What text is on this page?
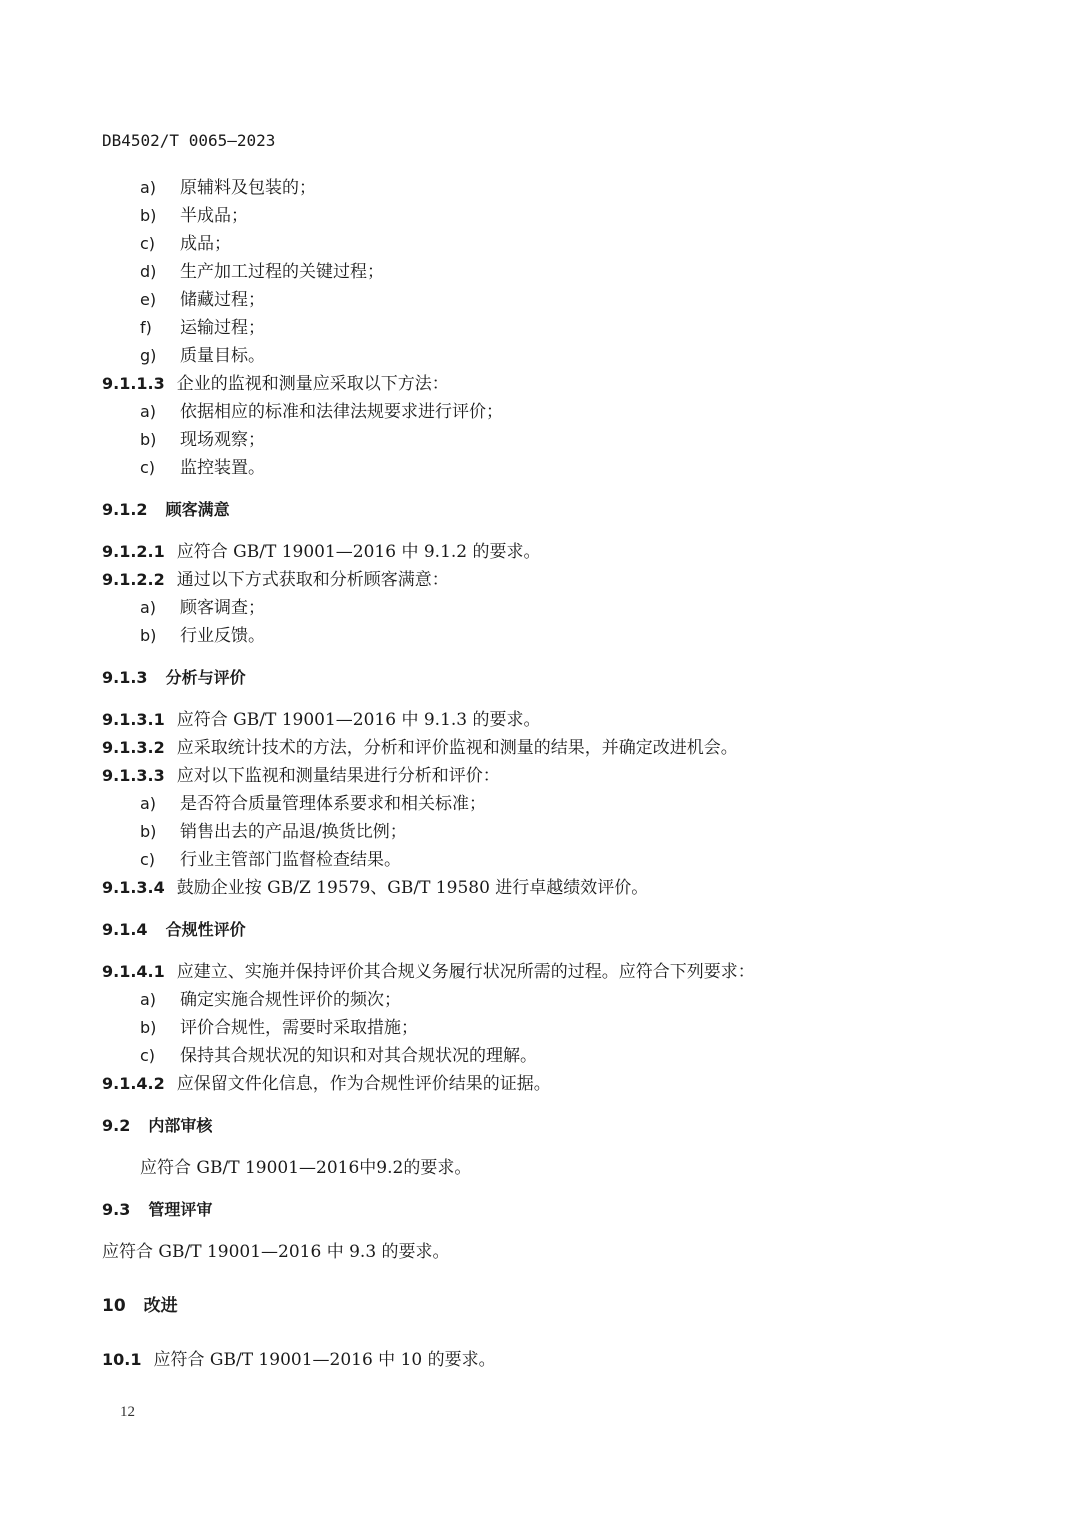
DB4502/T 0065—2023
a) 原辅料及包装的；
b) 半成品；
c) 成品；
d) 生产加工过程的关键过程；
e) 储藏过程；
f) 运输过程；
g) 质量目标。
9.1.1.3 企业的监视和测量应采取以下方法：
a) 依据相应的标准和法律法规要求进行评价；
b) 现场观察；
c) 监控装置。
9.1.2 顾客满意
9.1.2.1 应符合 GB/T 19001—2016 中 9.1.2 的要求。
9.1.2.2 通过以下方式获取和分析顾客满意：
a) 顾客调查；
b) 行业反馈。
9.1.3 分析与评价
9.1.3.1 应符合 GB/T 19001—2016 中 9.1.3 的要求。
9.1.3.2 应采取统计技术的方法，分析和评价监视和测量的结果，并确定改进机会。
9.1.3.3 应对以下监视和测量结果进行分析和评价：
a) 是否符合质量管理体系要求和相关标准；
b) 销售出去的产品退/换货比例；
c) 行业主管部门监督检查结果。
9.1.3.4 鼓励企业按 GB/Z 19579、GB/T 19580 进行卓越绩效评价。
9.1.4 合规性评价
9.1.4.1 应建立、实施并保持评价其合规义务履行状况所需的过程。应符合下列要求：
a) 确定实施合规性评价的频次；
b) 评价合规性，需要时采取措施；
c) 保持其合规状况的知识和对其合规状况的理解。
9.1.4.2 应保留文件化信息，作为合规性评价结果的证据。
9.2 内部审核
应符合 GB/T 19001—2016中9.2的要求。
9.3 管理评审
应符合 GB/T 19001—2016 中 9.3 的要求。
10 改进
10.1 应符合 GB/T 19001—2016 中 10 的要求。
12
